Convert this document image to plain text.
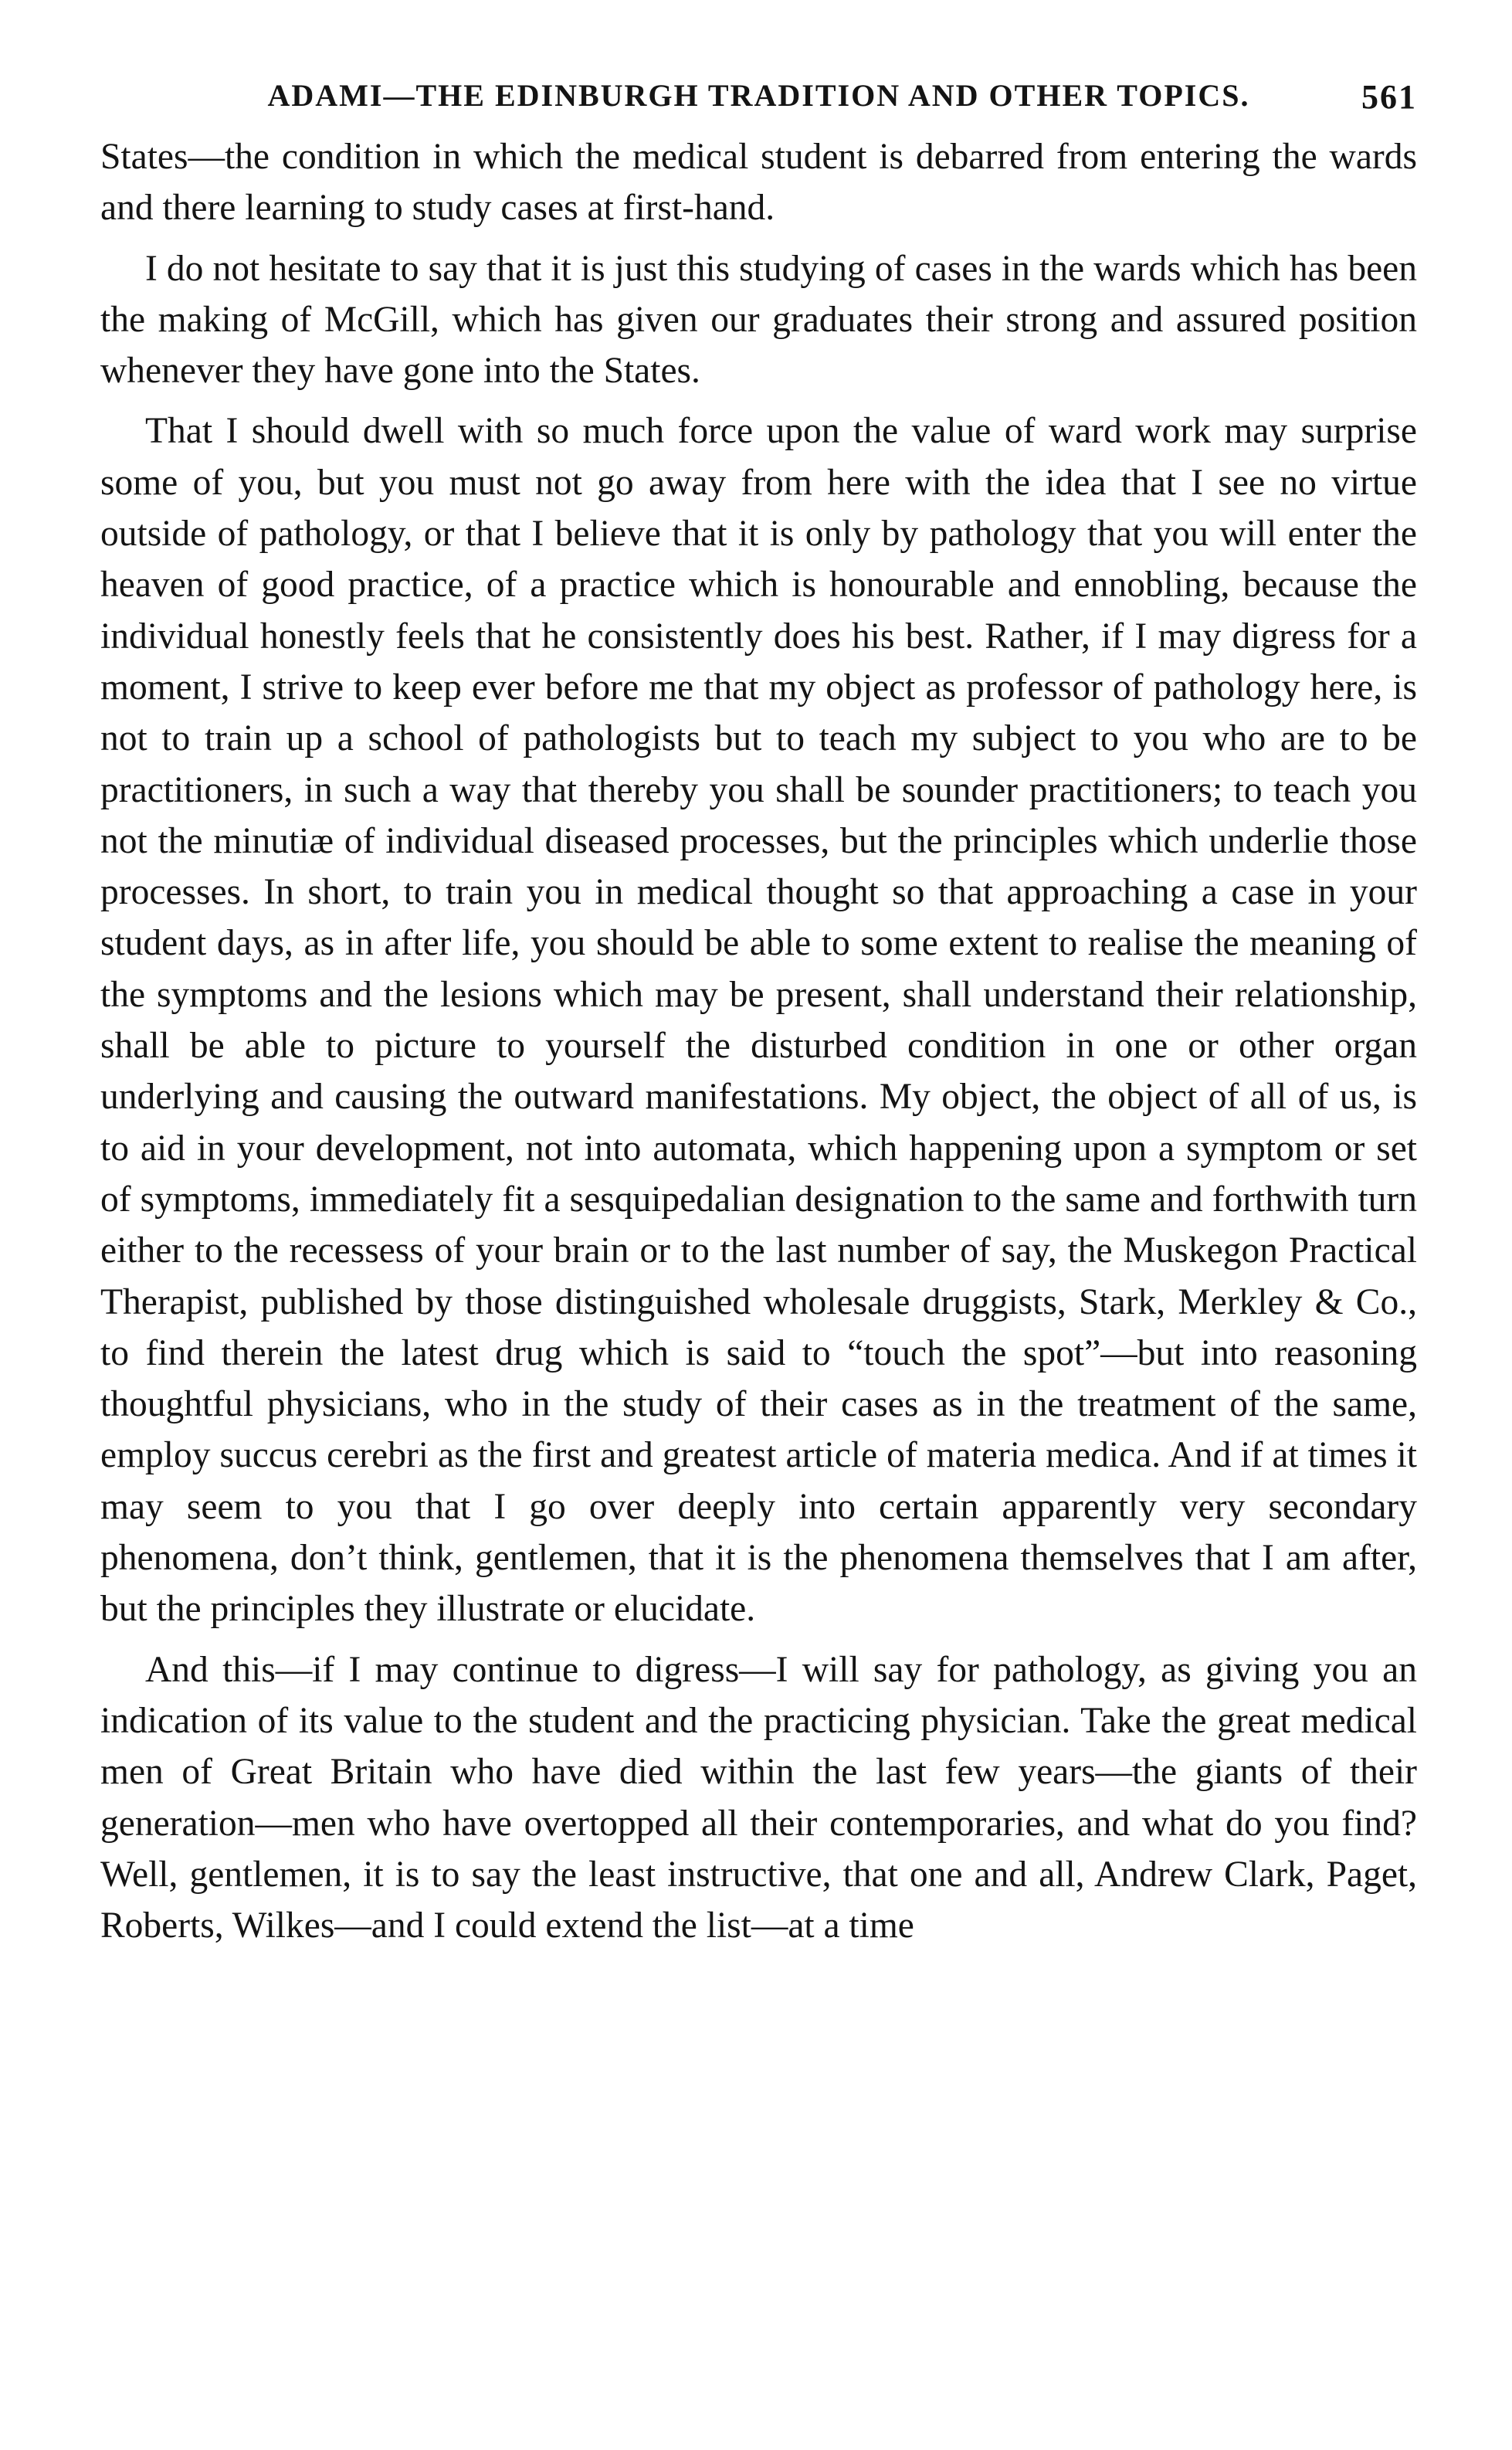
ADAMI—THE EDINBURGH TRADITION AND OTHER TOPICS.	561

States—the condition in which the medical student is debarred from entering the wards and there learning to study cases at first-hand.

I do not hesitate to say that it is just this studying of cases in the wards which has been the making of McGill, which has given our graduates their strong and assured position whenever they have gone into the States.

That I should dwell with so much force upon the value of ward work may surprise some of you, but you must not go away from here with the idea that I see no virtue outside of pathology, or that I believe that it is only by pathology that you will enter the heaven of good practice, of a practice which is honourable and ennobling, because the individual honestly feels that he consistently does his best. Rather, if I may digress for a moment, I strive to keep ever before me that my object as professor of pathology here, is not to train up a school of pathologists but to teach my subject to you who are to be practitioners, in such a way that thereby you shall be sounder practitioners; to teach you not the minutiæ of individual diseased processes, but the principles which underlie those processes. In short, to train you in medical thought so that approaching a case in your student days, as in after life, you should be able to some extent to realise the meaning of the symptoms and the lesions which may be present, shall understand their relationship, shall be able to picture to yourself the disturbed condition in one or other organ underlying and causing the outward manifestations. My object, the object of all of us, is to aid in your development, not into automata, which happening upon a symptom or set of symptoms, immediately fit a sesquipedalian designation to the same and forthwith turn either to the recessess of your brain or to the last number of say, the Muskegon Practical Therapist, published by those distinguished wholesale druggists, Stark, Merkley & Co., to find therein the latest drug which is said to “touch the spot”—but into reasoning thoughtful physicians, who in the study of their cases as in the treatment of the same, employ succus cerebri as the first and greatest article of materia medica. And if at times it may seem to you that I go over deeply into certain apparently very secondary phenomena, don’t think, gentlemen, that it is the phenomena themselves that I am after, but the principles they illustrate or elucidate.

And this—if I may continue to digress—I will say for pathology, as giving you an indication of its value to the student and the practicing physician. Take the great medical men of Great Britain who have died within the last few years—the giants of their generation—men who have overtopped all their contemporaries, and what do you find? Well, gentlemen, it is to say the least instructive, that one and all, Andrew Clark, Paget, Roberts, Wilkes—and I could extend the list—at a time
